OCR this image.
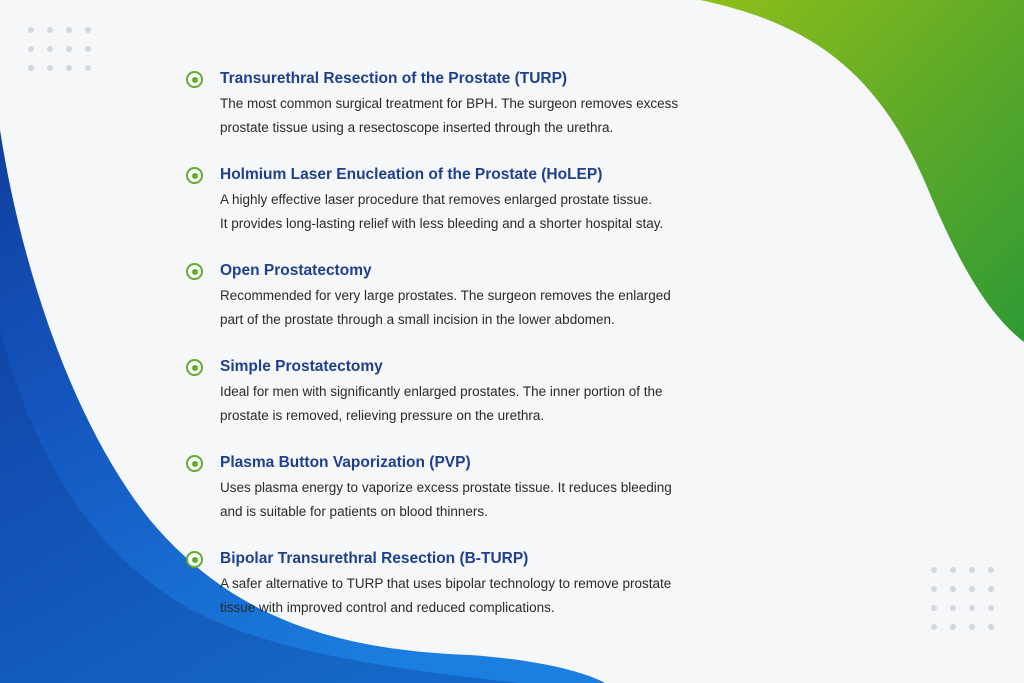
Transurethral Resection of the Prostate (TURP)

The most common surgical treatment for BPH. The surgeon removes excess
prostate tissue using a resectoscope inserted through the urethra.

Holmium Laser Enucleation of the Prostate (HoLEP)

A highly effective laser procedure that removes enlarged prostate tissue.
It provides long-lasting relief with less bleeding and a shorter hospital stay.

Open Prostatectomy

Recommended for very large prostates. The surgeon removes the enlarged
part of the prostate through a small incision in the lower abdomen.

Simple Prostatectomy

Ideal for men with significantly enlarged prostates. The inner portion of the
prostate is removed, relieving pressure on the urethra.

Plasma Button Vaporization (PVP)

Uses plasma energy to vaporize excess prostate tissue. It reduces bleeding
and is suitable for patients on blood thinners.

Bipolar Transurethral Resection (B-TURP)

A safer alternative to TURP that uses bipolar technology to remove prostate
tissue with improved control and reduced complications.
